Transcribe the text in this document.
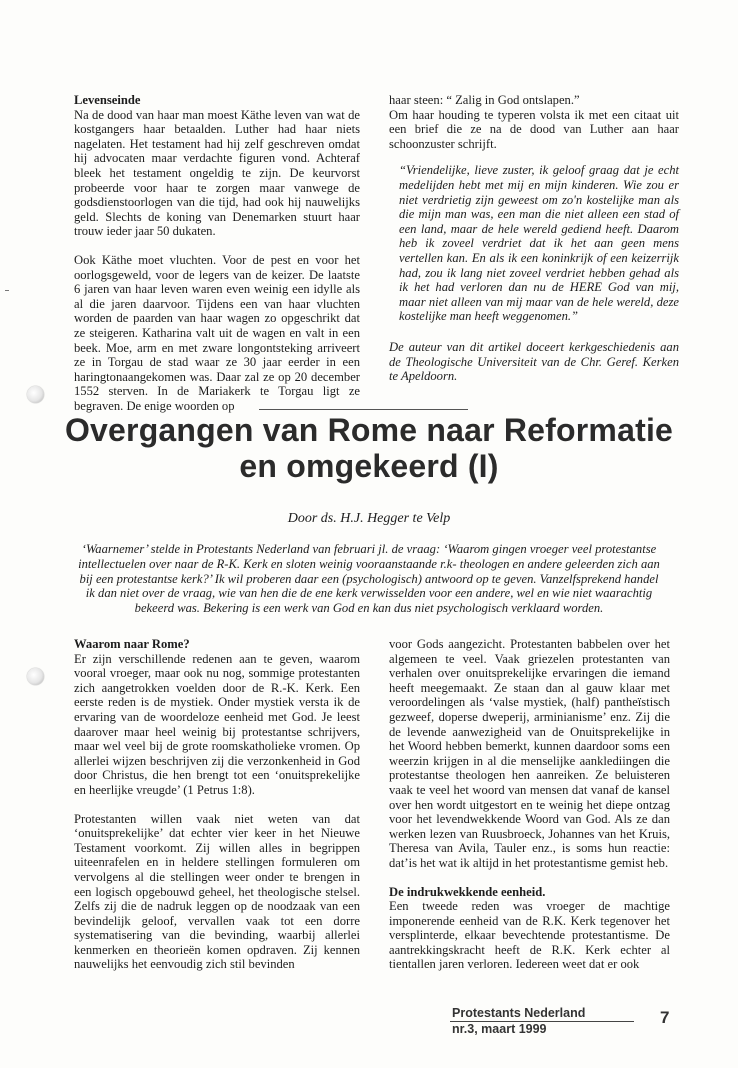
Levenseinde

Na de dood van haar man moest Käthe leven van wat de kostgangers haar betaalden. Luther had haar niets nagelaten. Het testament had hij zelf geschreven omdat hij advocaten maar verdachte figuren vond. Achteraf bleek het testament ongeldig te zijn. De keurvorst probeerde voor haar te zorgen maar vanwege de godsdienstoorlogen van die tijd, had ook hij nauwelijks geld. Slechts de koning van Denemarken stuurt haar trouw ieder jaar 50 dukaten.

Ook Käthe moet vluchten. Voor de pest en voor het oorlogsgeweld, voor de legers van de keizer. De laatste 6 jaren van haar leven waren even weinig een idylle als al die jaren daarvoor. Tijdens een van haar vluchten worden de paarden van haar wagen zo opgeschrikt dat ze steigeren. Katharina valt uit de wagen en valt in een beek. Moe, arm en met zware longontsteking arriveert ze in Torgau de stad waar ze 30 jaar eerder in een haringtonaangekomen was. Daar zal ze op 20 december 1552 sterven. In de Mariakerk te Torgau ligt ze begraven. De enige woorden op

haar steen: “ Zalig in God ontslapen.”

Om haar houding te typeren volsta ik met een citaat uit een brief die ze na de dood van Luther aan haar schoonzuster schrijft.

“Vriendelijke, lieve zuster, ik geloof graag dat je echt medelijden hebt met mij en mijn kinderen. Wie zou er niet verdrietig zijn geweest om zo'n kostelijke man als die mijn man was, een man die niet alleen een stad of een land, maar de hele wereld gediend heeft. Daarom heb ik zoveel verdriet dat ik het aan geen mens vertellen kan. En als ik een koninkrijk of een keizerrijk had, zou ik lang niet zoveel verdriet hebben gehad als ik het had verloren dan nu de HERE God van mij, maar niet alleen van mij maar van de hele wereld, deze kostelijke man heeft weggenomen.”

De auteur van dit artikel doceert kerkgeschiedenis aan de Theologische Universiteit van de Chr. Geref. Kerken te Apeldoorn.

Overgangen van Rome naar Reformatie
en omgekeerd (I)
Door ds. H.J. Hegger te Velp
‘Waarnemer’ stelde in Protestants Nederland van februari jl. de vraag: ‘Waarom gingen vroeger veel protestantse intellectuelen over naar de R-K. Kerk en sloten weinig vooraanstaande r.k- theologen en andere geleerden zich aan bij een protestantse kerk?’ Ik wil proberen daar een (psychologisch) antwoord op te geven. Vanzelfsprekend handel ik dan niet over de vraag, wie van hen die de ene kerk verwisselden voor een andere, wel en wie niet waarachtig bekeerd was. Bekering is een werk van God en kan dus niet psychologisch verklaard worden.
Waarom naar Rome?

Er zijn verschillende redenen aan te geven, waarom vooral vroeger, maar ook nu nog, sommige protestanten zich aangetrokken voelden door de R.-K. Kerk. Een eerste reden is de mystiek. Onder mystiek versta ik de ervaring van de woordeloze eenheid met God. Je leest daarover maar heel weinig bij protestantse schrijvers, maar wel veel bij de grote roomskatholieke vromen. Op allerlei wijzen beschrijven zij die verzonkenheid in God door Christus, die hen brengt tot een ‘onuitsprekelijke en heerlijke vreugde’ (1 Petrus 1:8).

Protestanten willen vaak niet weten van dat ‘onuitsprekelijke’ dat echter vier keer in het Nieuwe Testament voorkomt. Zij willen alles in begrippen uiteenrafelen en in heldere stellingen formuleren om vervolgens al die stellingen weer onder te brengen in een logisch opgebouwd geheel, het theologische stelsel. Zelfs zij die de nadruk leggen op de noodzaak van een bevindelijk geloof, vervallen vaak tot een dorre systematisering van die bevinding, waarbij allerlei kenmerken en theorieën komen opdraven. Zij kennen nauwelijks het eenvoudig zich stil bevinden

voor Gods aangezicht. Protestanten babbelen over het algemeen te veel. Vaak griezelen protestanten van verhalen over onuitsprekelijke ervaringen die iemand heeft meegemaakt. Ze staan dan al gauw klaar met veroordelingen als ‘valse mystiek, (half) pantheïstisch gezweef, doperse dweperij, arminianisme’ enz. Zij die de levende aanwezigheid van de Onuitsprekelijke in het Woord hebben bemerkt, kunnen daardoor soms een weerzin krijgen in al die menselijke aanklediingen die protestantse theologen hen aanreiken. Ze beluisteren vaak te veel het woord van mensen dat vanaf de kansel over hen wordt uitgestort en te weinig het diepe ontzag voor het levendwekkende Woord van God. Als ze dan werken lezen van Ruusbroeck, Johannes van het Kruis, Theresa van Avila, Tauler enz., is soms hun reactie: dat’is het wat ik altijd in het protestantisme gemist heb.

De indrukwekkende eenheid.

Een tweede reden was vroeger de machtige imponerende eenheid van de R.K. Kerk tegenover het versplinterde, elkaar bevechtende protestantisme. De aantrekkingskracht heeft de R.K. Kerk echter al tientallen jaren verloren. Iedereen weet dat er ook

Protestants Nederland
nr.3, maart 1999
7
